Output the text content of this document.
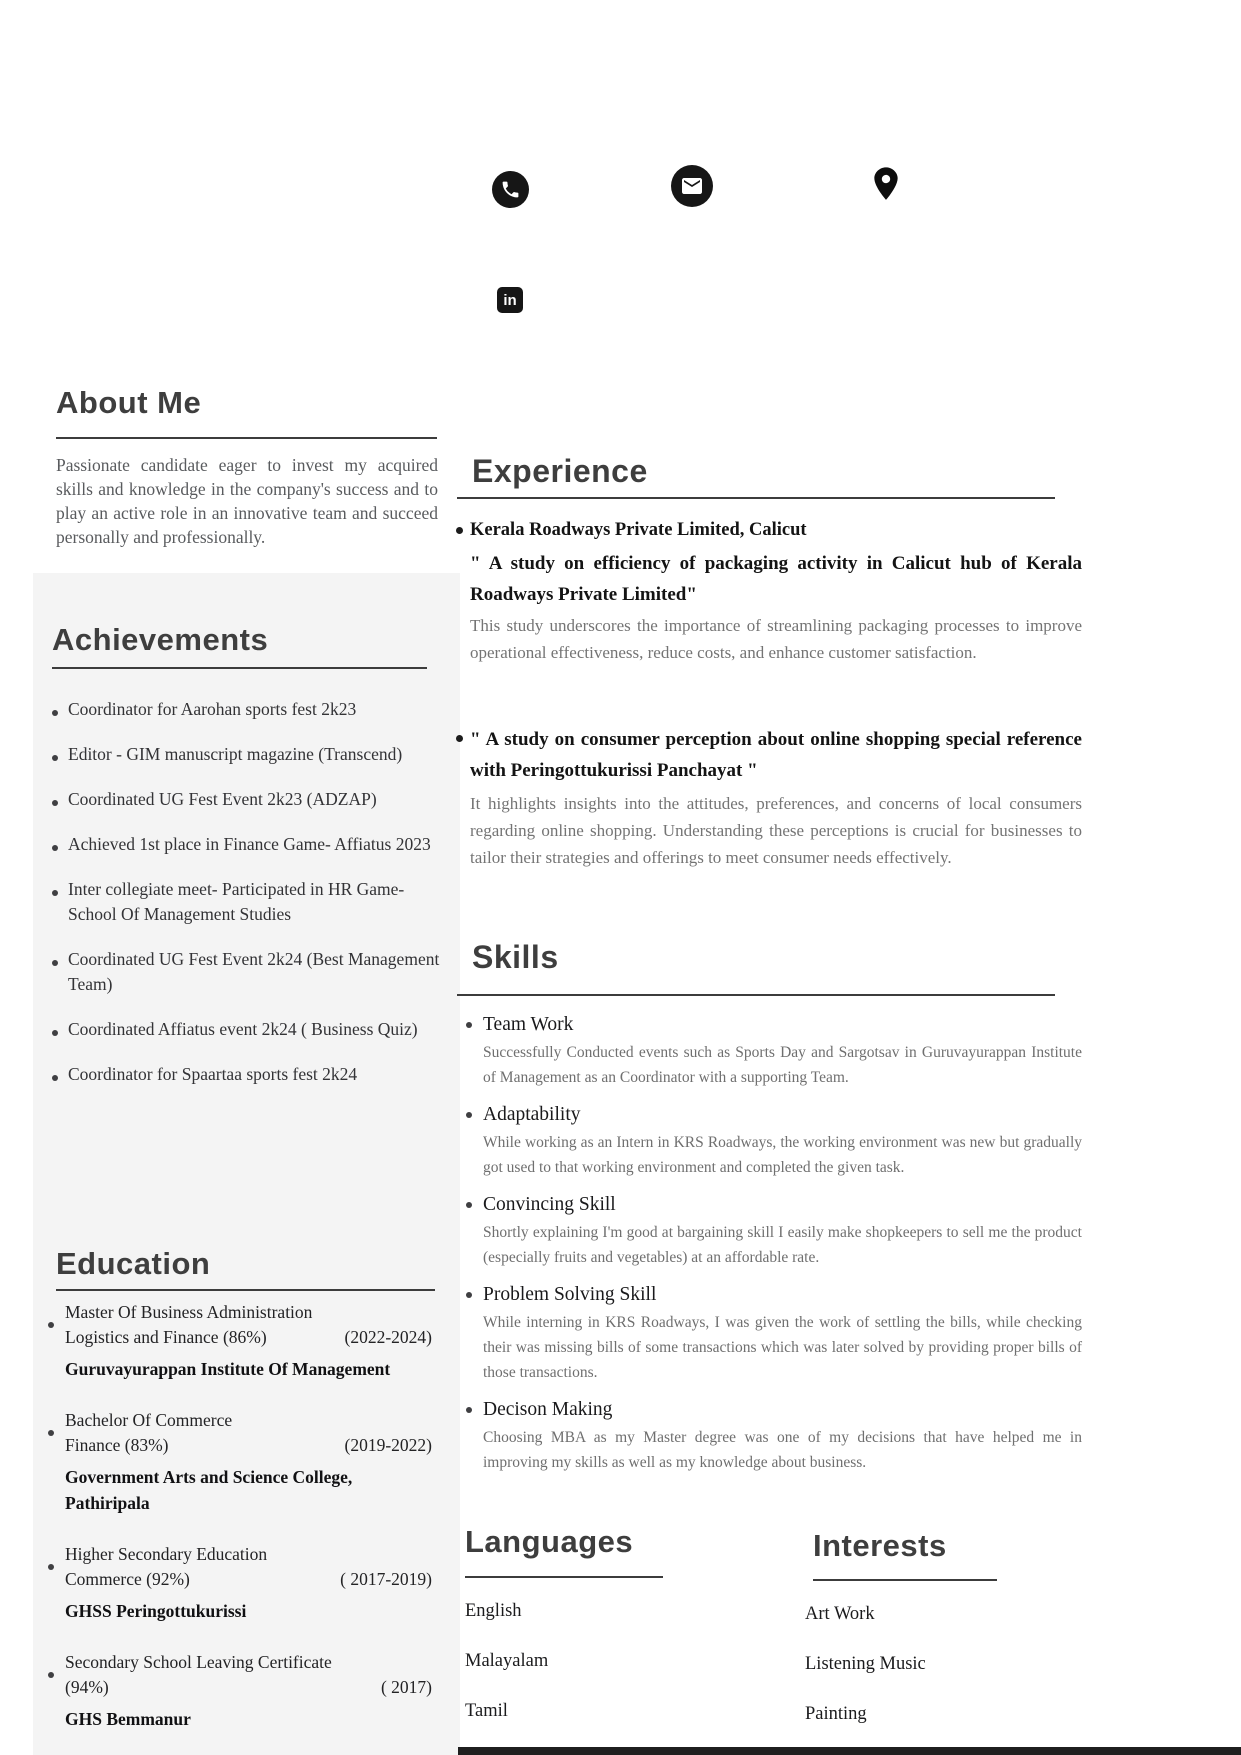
in
About Me

Passionate candidate eager to invest my acquired skills and knowledge in the company's success and to play an active role in an innovative team and succeed personally and professionally.

Achievements
Coordinator for Aarohan sports fest 2k23
Editor - GIM manuscript magazine (Transcend)
Coordinated UG Fest Event 2k23 (ADZAP)
Achieved 1st place in Finance Game- Affiatus 2023
Inter collegiate meet- Participated in HR Game- School Of Management Studies
Coordinated UG Fest Event 2k24 (Best Management Team)
Coordinated Affiatus event 2k24 ( Business Quiz)
Coordinator for Spaartaa sports fest 2k24
Education
Master Of Business Administration
Logistics and Finance (86%)	(2022-2024)
Guruvayurappan Institute Of Management
Bachelor Of Commerce
Finance (83%)	(2019-2022)
Government Arts and Science College, Pathiripala
Higher Secondary Education
Commerce (92%)	( 2017-2019)
GHSS Peringottukurissi
Secondary School Leaving Certificate
(94%)	( 2017)
GHS Bemmanur
Experience
Kerala Roadways Private Limited, Calicut

" A study on efficiency of packaging activity in Calicut hub of Kerala Roadways Private Limited"

This study underscores the importance of streamlining packaging processes to improve operational effectiveness, reduce costs, and enhance customer satisfaction.

" A study on consumer perception about online shopping special reference with Peringottukurissi Panchayat "

It highlights insights into the attitudes, preferences, and concerns of local consumers regarding online shopping. Understanding these perceptions is crucial for businesses to tailor their strategies and offerings to meet consumer needs effectively.

Skills
Team Work

Successfully Conducted events such as Sports Day and Sargotsav in Guruvayurappan Institute of Management as an Coordinator with a supporting Team.

Adaptability

While working as an Intern in KRS Roadways, the working environment was new but gradually got used to that working environment and completed the given task.

Convincing Skill

Shortly explaining I'm good at bargaining skill I easily make shopkeepers to sell me the product (especially fruits and vegetables) at an affordable rate.

Problem Solving Skill

While interning in KRS Roadways, I was given the work of settling the bills, while checking their was missing bills of some transactions which was later solved by providing proper bills of those transactions.

Decison Making

Choosing MBA as my Master degree was one of my decisions that have helped me in improving my skills as well as my knowledge about business.

Languages
English
Malayalam
Tamil
Interests
Art Work
Listening Music
Painting
